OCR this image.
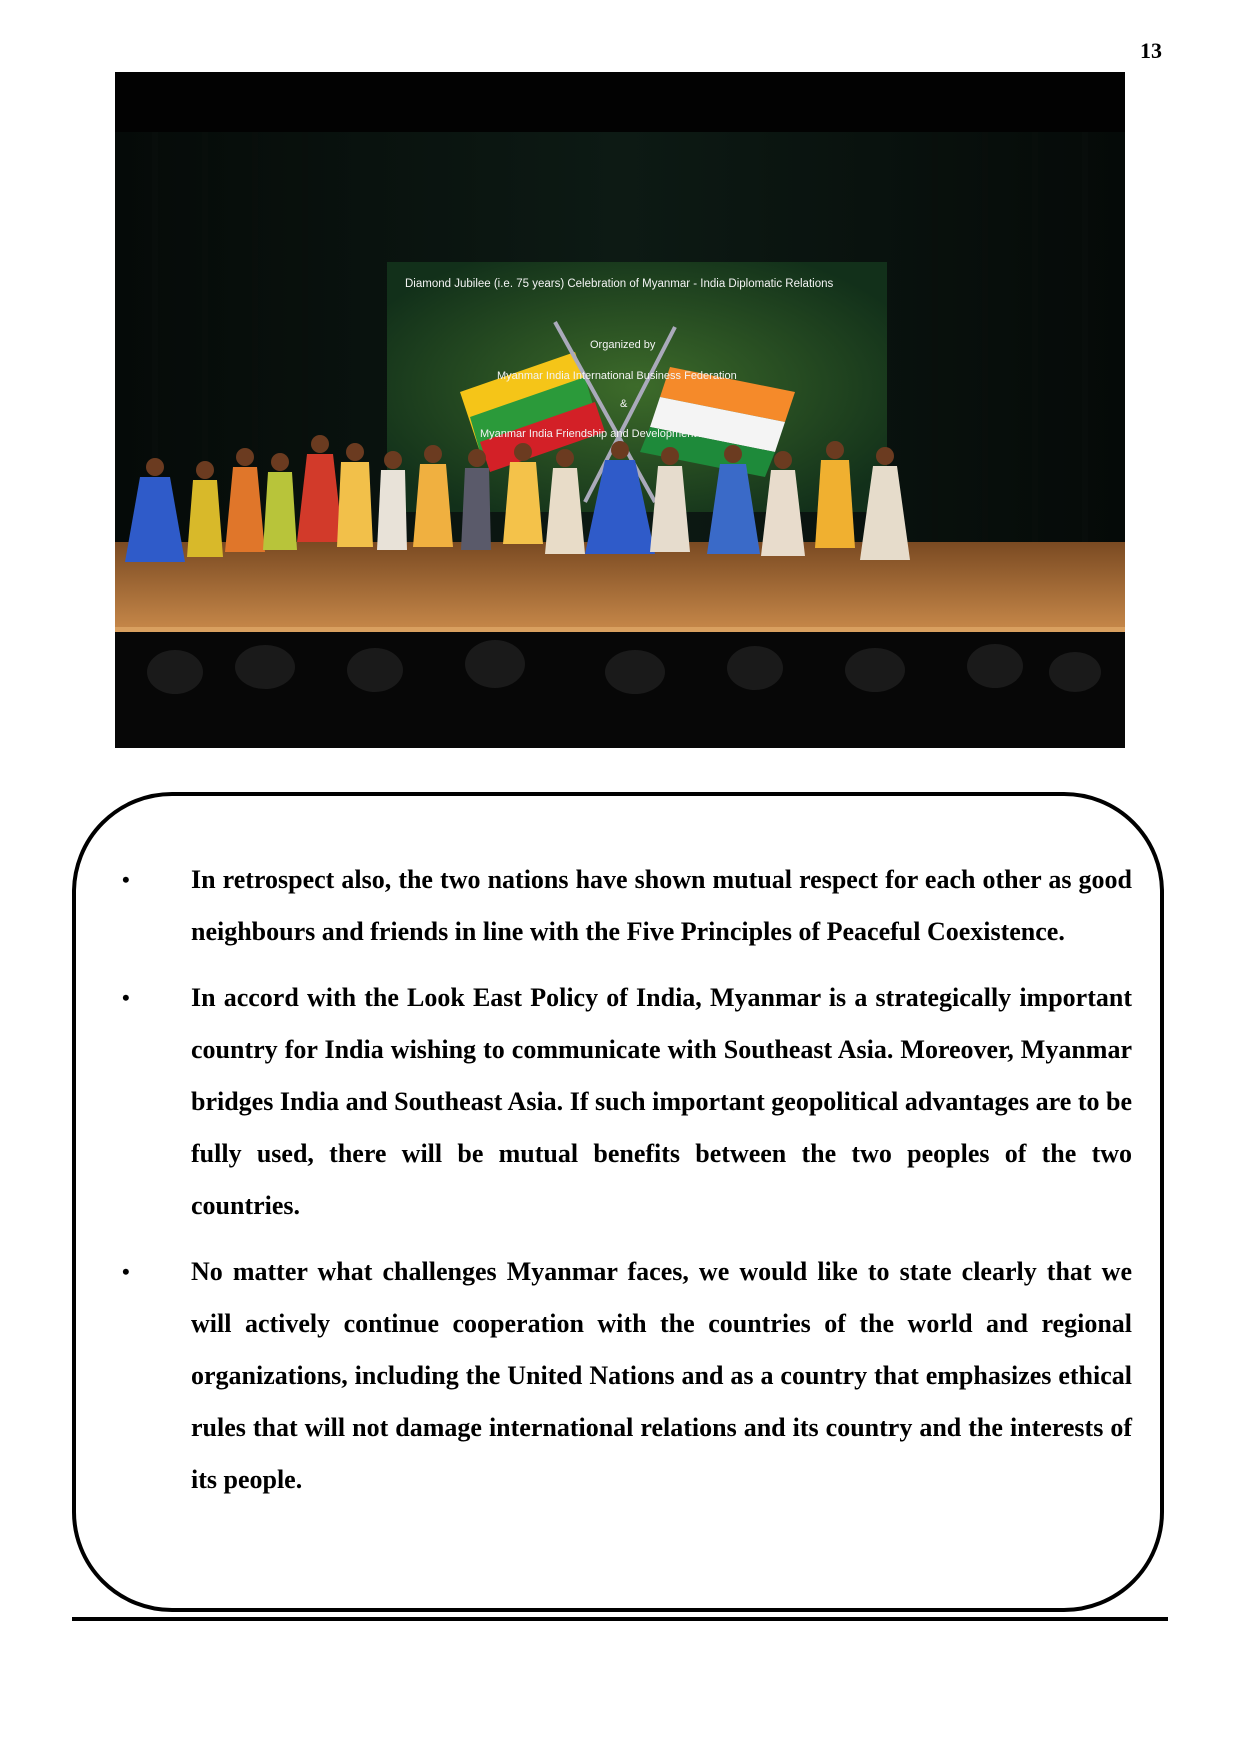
13
Diamond Jubilee (i.e. 75 years) Celebration of Myanmar - India Diplomatic Relations
Organized by
Myanmar India International Business Federation
&
Myanmar India Friendship and Development Association
• In retrospect also, the two nations have shown mutual respect for each other as good neighbours and friends in line with the Five Principles of Peaceful Coexistence.
• In accord with the Look East Policy of India, Myanmar is a strategically important country for India wishing to communicate with Southeast Asia. Moreover, Myanmar bridges India and Southeast Asia. If such important geopolitical advantages are to be fully used, there will be mutual benefits between the two peoples of the two countries.
• No matter what challenges Myanmar faces, we would like to state clearly that we will actively continue cooperation with the countries of the world and regional organizations, including the United Nations and as a country that emphasizes ethical rules that will not damage international relations and its country and the interests of its people.
